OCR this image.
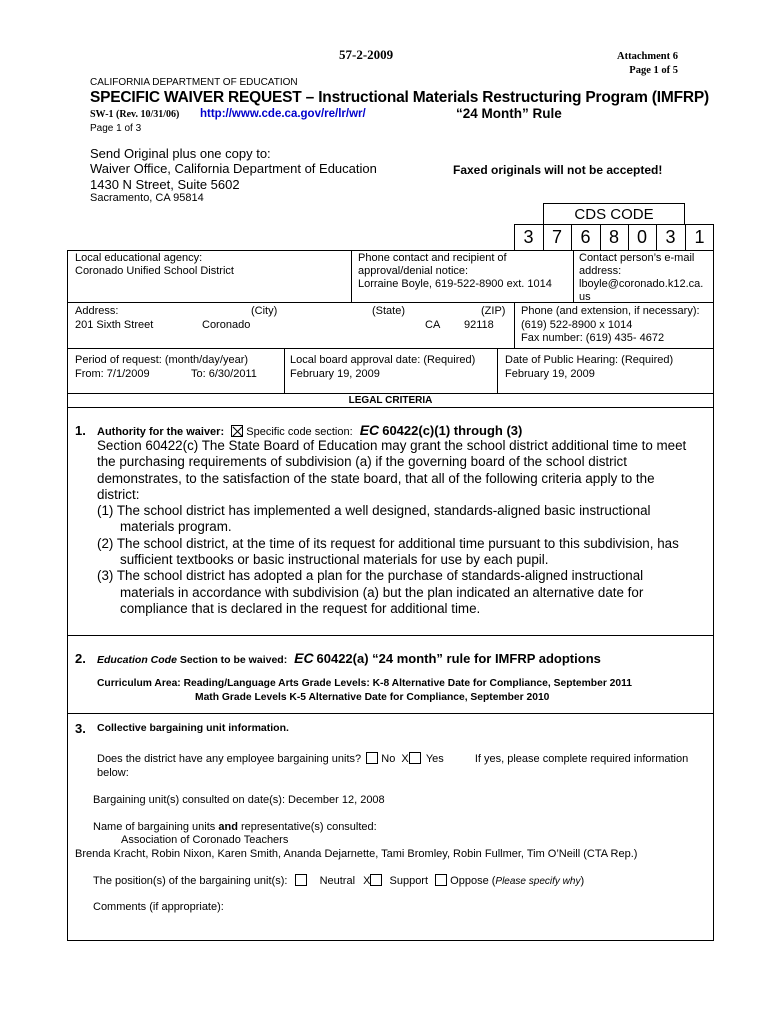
57-2-2009	Attachment 6
Page 1 of 5
CALIFORNIA DEPARTMENT OF EDUCATION
SPECIFIC WAIVER REQUEST – Instructional Materials Restructuring Program (IMFRP)
SW-1 (Rev. 10/31/06) http://www.cde.ca.gov/re/lr/wr/	“24 Month” Rule
Page 1 of 3
Send Original plus one copy to:
Waiver Office, California Department of Education
1430 N Street, Suite 5602
Sacramento, CA 95814
Faxed originals will not be accepted!
CDS CODE
3	7	6	8 0	3	1
Local educational agency:
Coronado Unified School District
Phone contact and recipient of
approval/denial notice:
Lorraine Boyle, 619-522-8900 ext. 1014
Contact person’s e-mail
address:
lboyle@coronado.k12.ca.
us
Address:
201 Sixth Street
(City)
Coronado
(State)
CA
(ZIP)
92118
Phone (and extension, if necessary):
(619) 522-8900 x 1014
Fax number: (619) 435- 4672
Period of request: (month/day/year)
From: 7/1/2009	To: 6/30/2011
Local board approval date: (Required)
February 19, 2009
Date of Public Hearing: (Required)
February 19, 2009
LEGAL CRITERIA
1. Authority for the waiver: Specific code section: EC 60422(c)(1) through (3)
Section 60422(c) The State Board of Education may grant the school district additional time to meet
the purchasing requirements of subdivision (a) if the governing board of the school district
demonstrates, to the satisfaction of the state board, that all of the following criteria apply to the
district:
(1) The school district has implemented a well designed, standards-aligned basic instructional
materials program.
(2) The school district, at the time of its request for additional time pursuant to this subdivision, has
sufficient textbooks or basic instructional materials for use by each pupil.
(3) The school district has adopted a plan for the purchase of standards-aligned instructional
materials in accordance with subdivision (a) but the plan indicated an alternative date for
compliance that is declared in the request for additional time.
2. Education Code Section to be waived: EC 60422(a) “24 month” rule for IMFRP adoptions
Curriculum Area: Reading/Language Arts Grade Levels: K-8 Alternative Date for Compliance, September 2011
Math Grade Levels K-5 Alternative Date for Compliance, September 2010
3. Collective bargaining unit information.
Does the district have any employee bargaining units? No X Yes	If yes, please complete required information
below:
Bargaining unit(s) consulted on date(s): December 12, 2008
Name of bargaining units and representative(s) consulted:
Association of Coronado Teachers
Brenda Kracht, Robin Nixon, Karen Smith, Ananda Dejarnette, Tami Bromley, Robin Fullmer, Tim O’Neill (CTA Rep.)
The position(s) of the bargaining unit(s):	Neutral X Support Oppose (Please specify why)
Comments (if appropriate):
